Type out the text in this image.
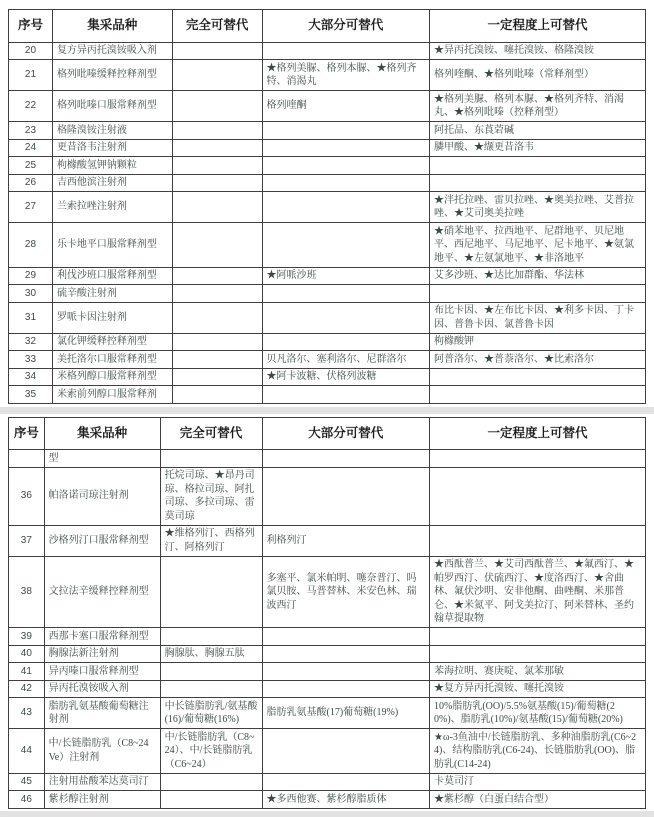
序号	集采品种	完全可替代	大部分可替代	一定程度上可替代
20	复方异丙托溴铵吸入剂			★异丙托溴铵、噻托溴铵、格隆溴铵
21	格列吡嗪缓释控释剂型		★格列美脲、格列本脲、★格列齐特、消渴丸	格列喹酮、★格列吡嗪（常释剂型）
22	格列吡嗪口服常释剂型		格列喹酮	★格列美脲、格列本脲、★格列齐特、消渴丸、★格列吡嗪（控释剂型）
23	格隆溴铵注射液			阿托品、东莨菪碱
24	更昔洛韦注射剂			膦甲酸、★缬更昔洛韦
25	枸橼酸氢钾钠颗粒			
26	吉西他滨注射剂			
27	兰索拉唑注射剂			★泮托拉唑、雷贝拉唑、★奥美拉唑、艾普拉唑、★艾司奥美拉唑
28	乐卡地平口服常释剂型			★硝苯地平、拉西地平、尼群地平、贝尼地平、西尼地平、马尼地平、尼卡地平、★氨氯地平、★左氨氯地平、★非洛地平
29	利伐沙班口服常释剂型		★阿哌沙班	艾多沙班、★达比加群酯、华法林
30	硫辛酸注射剂			
31	罗哌卡因注射剂			布比卡因、★左布比卡因、★利多卡因、丁卡因、普鲁卡因、氯普鲁卡因
32	氯化钾缓释控释剂型			枸橼酸钾
33	美托洛尔口服常释剂型		贝凡洛尔、塞利洛尔、尼群洛尔	阿普洛尔、★普萘洛尔、★比索洛尔
34	米格列醇口服常释剂型		★阿卡波糖、伏格列波糖	
35	米索前列醇口服常释剂			
序号	集采品种	完全可替代	大部分可替代	一定程度上可替代
	型			
36	帕洛诺司琼注射剂	托烷司琼、★昂丹司琼、格拉司琼、阿扎司琼、多拉司琼、雷莫司琼		
37	沙格列汀口服常释剂型	★维格列汀、西格列汀、阿格列汀	利格列汀	
38	文拉法辛缓释控释剂型		多塞平、氯米帕明、噻奈普汀、吗氯贝胺、马普替林、米安色林、瑞波西汀	★西酞普兰、★艾司西酞普兰、★氟西汀、★帕罗西汀、伏硫西汀、★度洛西汀、★舍曲林、氟伏沙明、安非他酮、曲唑酮、米那普仑、★米氮平、阿戈美拉汀、阿米替林、圣约翰草提取物
39	西那卡塞口服常释剂型			
40	胸腺法新注射剂	胸腺肽、胸腺五肽		
41	异丙嗪口服常释剂型			苯海拉明、赛庚啶、氯苯那敏
42	异丙托溴铵吸入剂			★复方异丙托溴铵、噻托溴铵
43	脂肪乳氨基酸葡萄糖注射剂	中长链脂肪乳/氨基酸(16)/葡萄糖(16%)	脂肪乳氨基酸(17)葡萄糖(19%)	10%脂肪乳(OO)/5.5%氨基酸(15)/葡萄糖(20%)、脂肪乳(10%)/氨基酸(15)/葡萄糖(20%)
44	中/长链脂肪乳（C8~24Ve）注射剂	中/长链脂肪乳（C8~24）、中/长链脂肪乳（C6~24）		★ω-3鱼油中/长链脂肪乳、多种油脂肪乳(C6~24)、结构脂肪乳(C6-24)、长链脂肪乳(OO)、脂肪乳(C14-24)
45	注射用盐酸苯达莫司汀			卡莫司汀
46	紫杉醇注射剂		★多西他赛、紫杉醇脂质体	★紫杉醇（白蛋白结合型）
